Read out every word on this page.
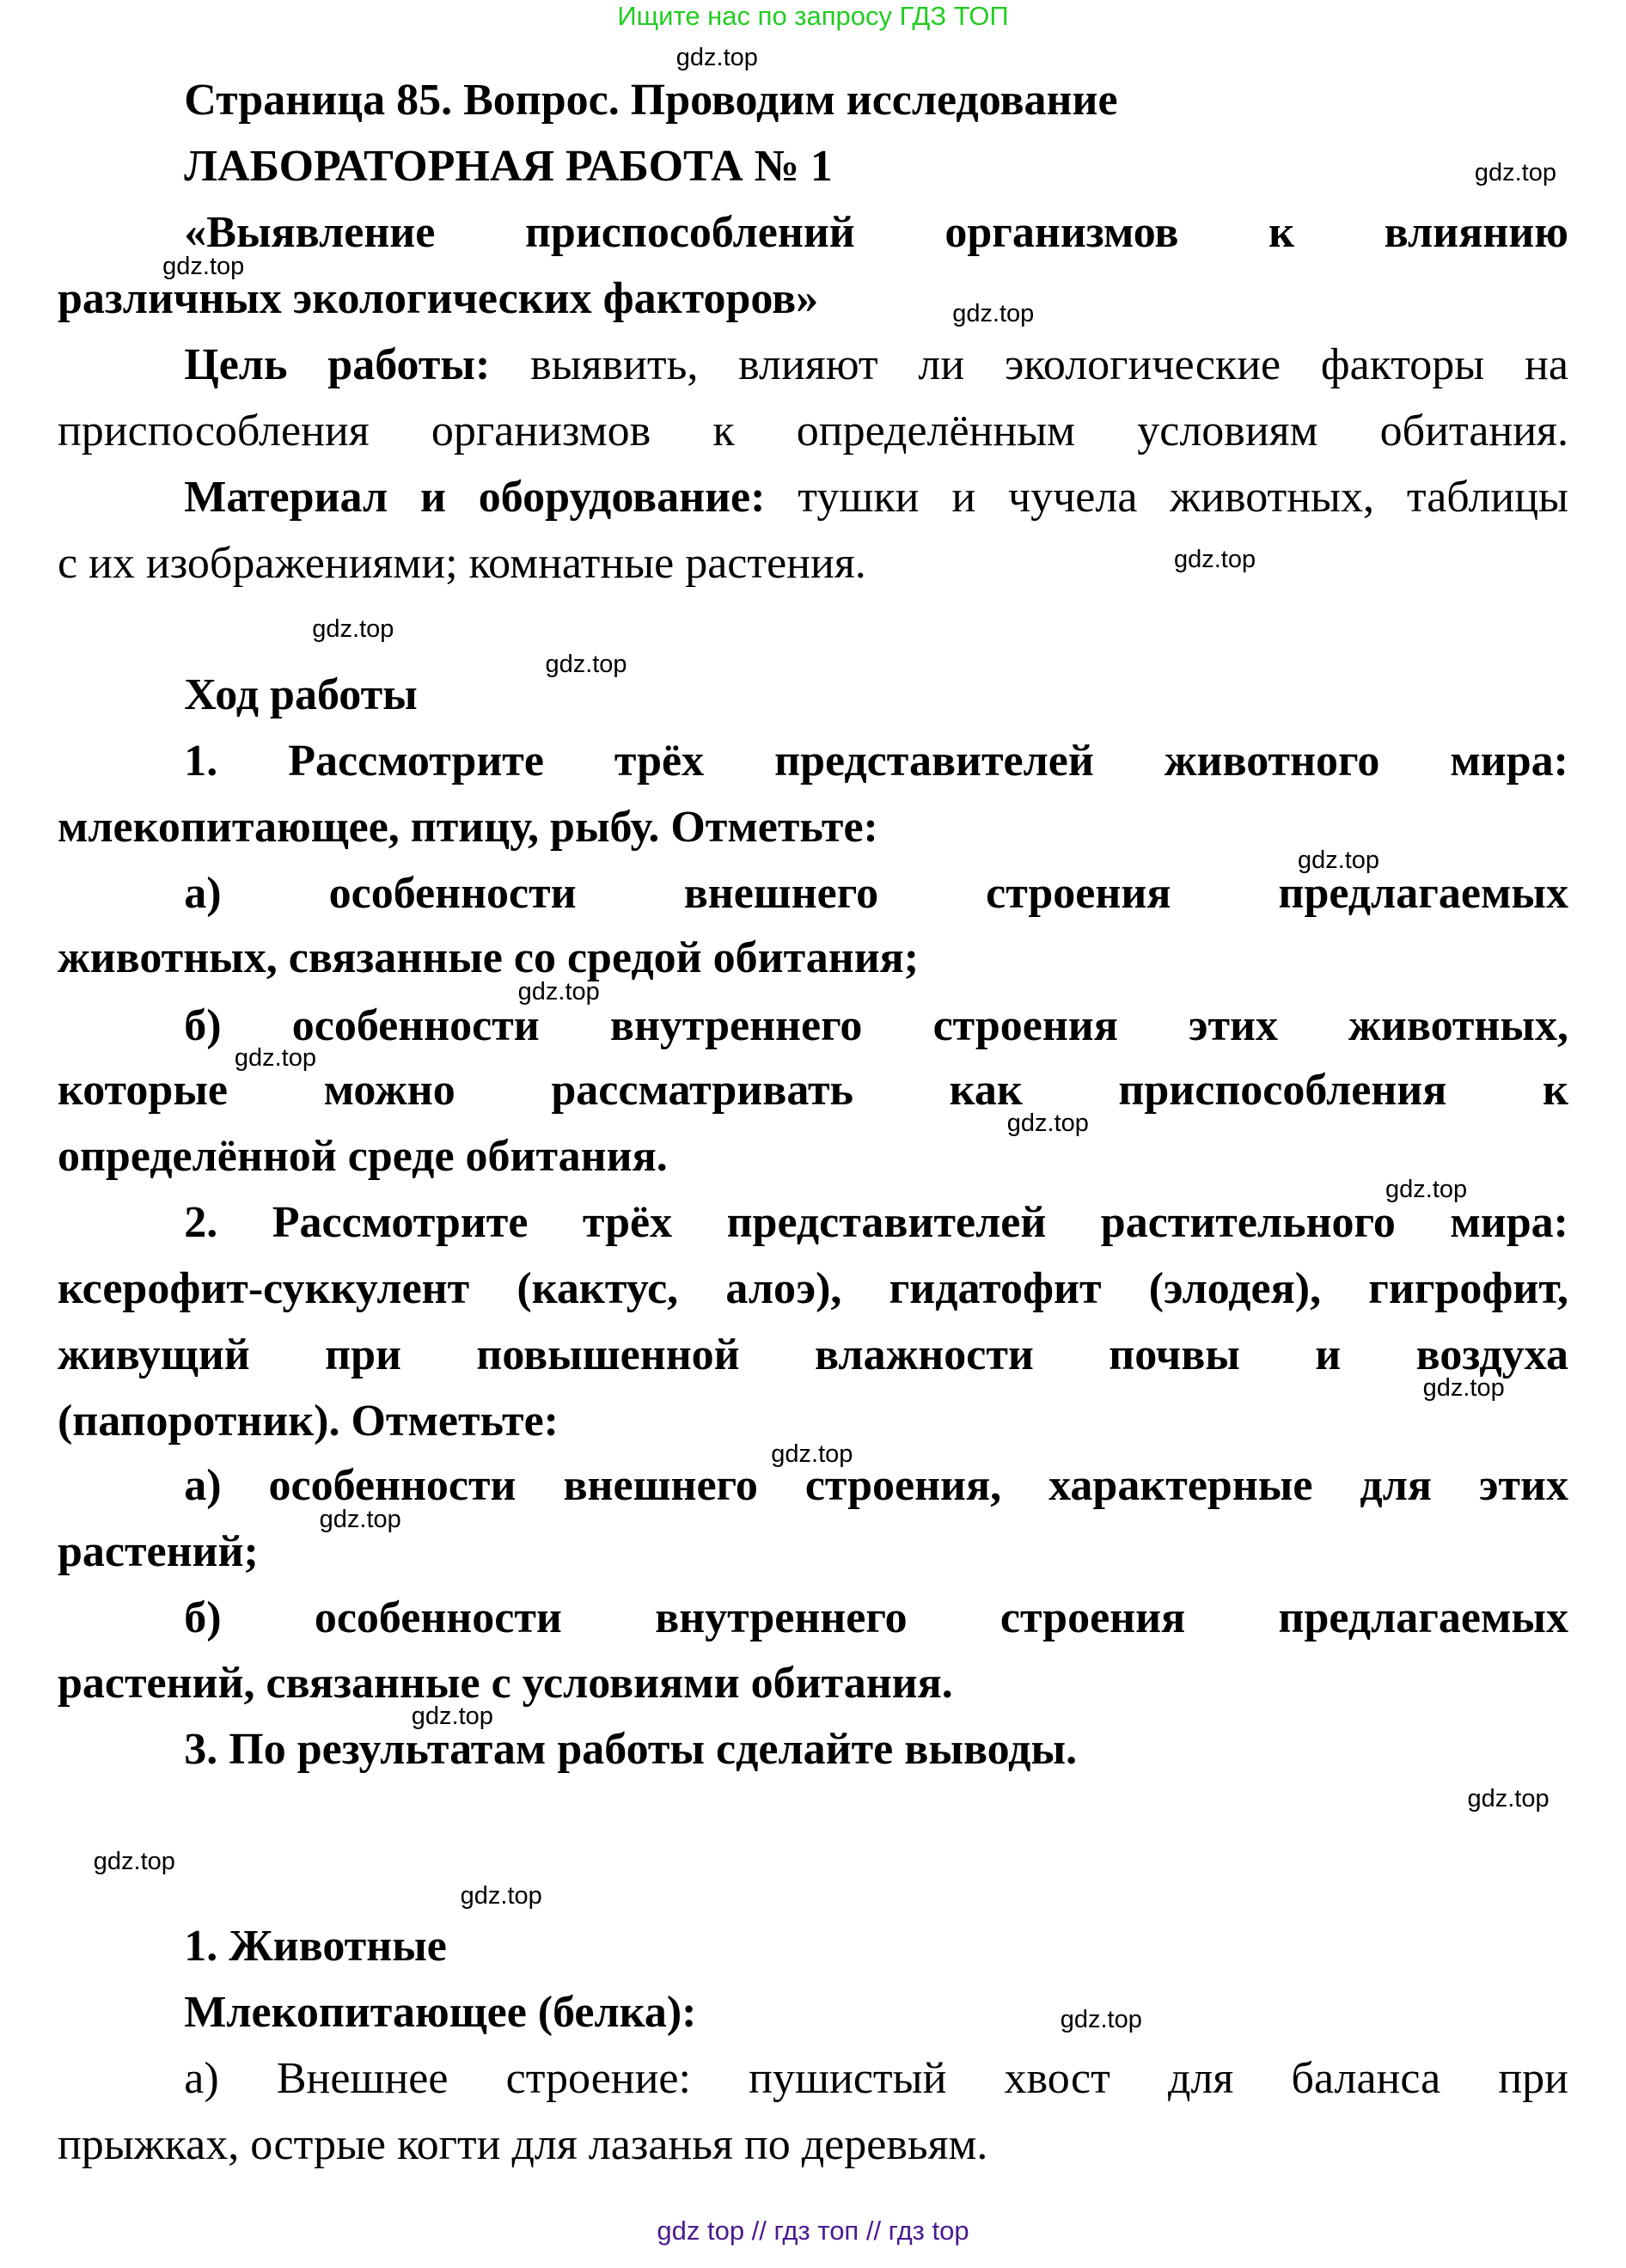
Ищите нас по запросу ГДЗ ТОП
Страница 85. Вопрос. Проводим исследование
ЛАБОРАТОРНАЯ РАБОТА № 1
«Выявление приспособлений организмов к влиянию
различных экологических факторов»
Цель работы: выявить, влияют ли экологические факторы на
приспособления организмов к определённым условиям обитания.
Материал и оборудование: тушки и чучела животных, таблицы
с их изображениями; комнатные растения.
Ход работы
1. Рассмотрите трёх представителей животного мира:
млекопитающее, птицу, рыбу. Отметьте:
а) особенности внешнего строения предлагаемых
животных, связанные со средой обитания;
б) особенности внутреннего строения этих животных,
которые можно рассматривать как приспособления к
определённой среде обитания.
2. Рассмотрите трёх представителей растительного мира:
ксерофит-суккулент (кактус, алоэ), гидатофит (элодея), гигрофит,
живущий при повышенной влажности почвы и воздуха
(папоротник). Отметьте:
а) особенности внешнего строения, характерные для этих
растений;
б) особенности внутреннего строения предлагаемых
растений, связанные с условиями обитания.
3. По результатам работы сделайте выводы.
1. Животные
Млекопитающее (белка):
а) Внешнее строение: пушистый хвост для баланса при
прыжках, острые когти для лазанья по деревьям.
gdz.top
gdz.top
gdz.top
gdz.top
gdz.top
gdz.top
gdz.top
gdz.top
gdz.top
gdz.top
gdz.top
gdz.top
gdz.top
gdz.top
gdz.top
gdz.top
gdz.top
gdz.top
gdz.top
gdz.top
gdz top // гдз топ // гдз top
